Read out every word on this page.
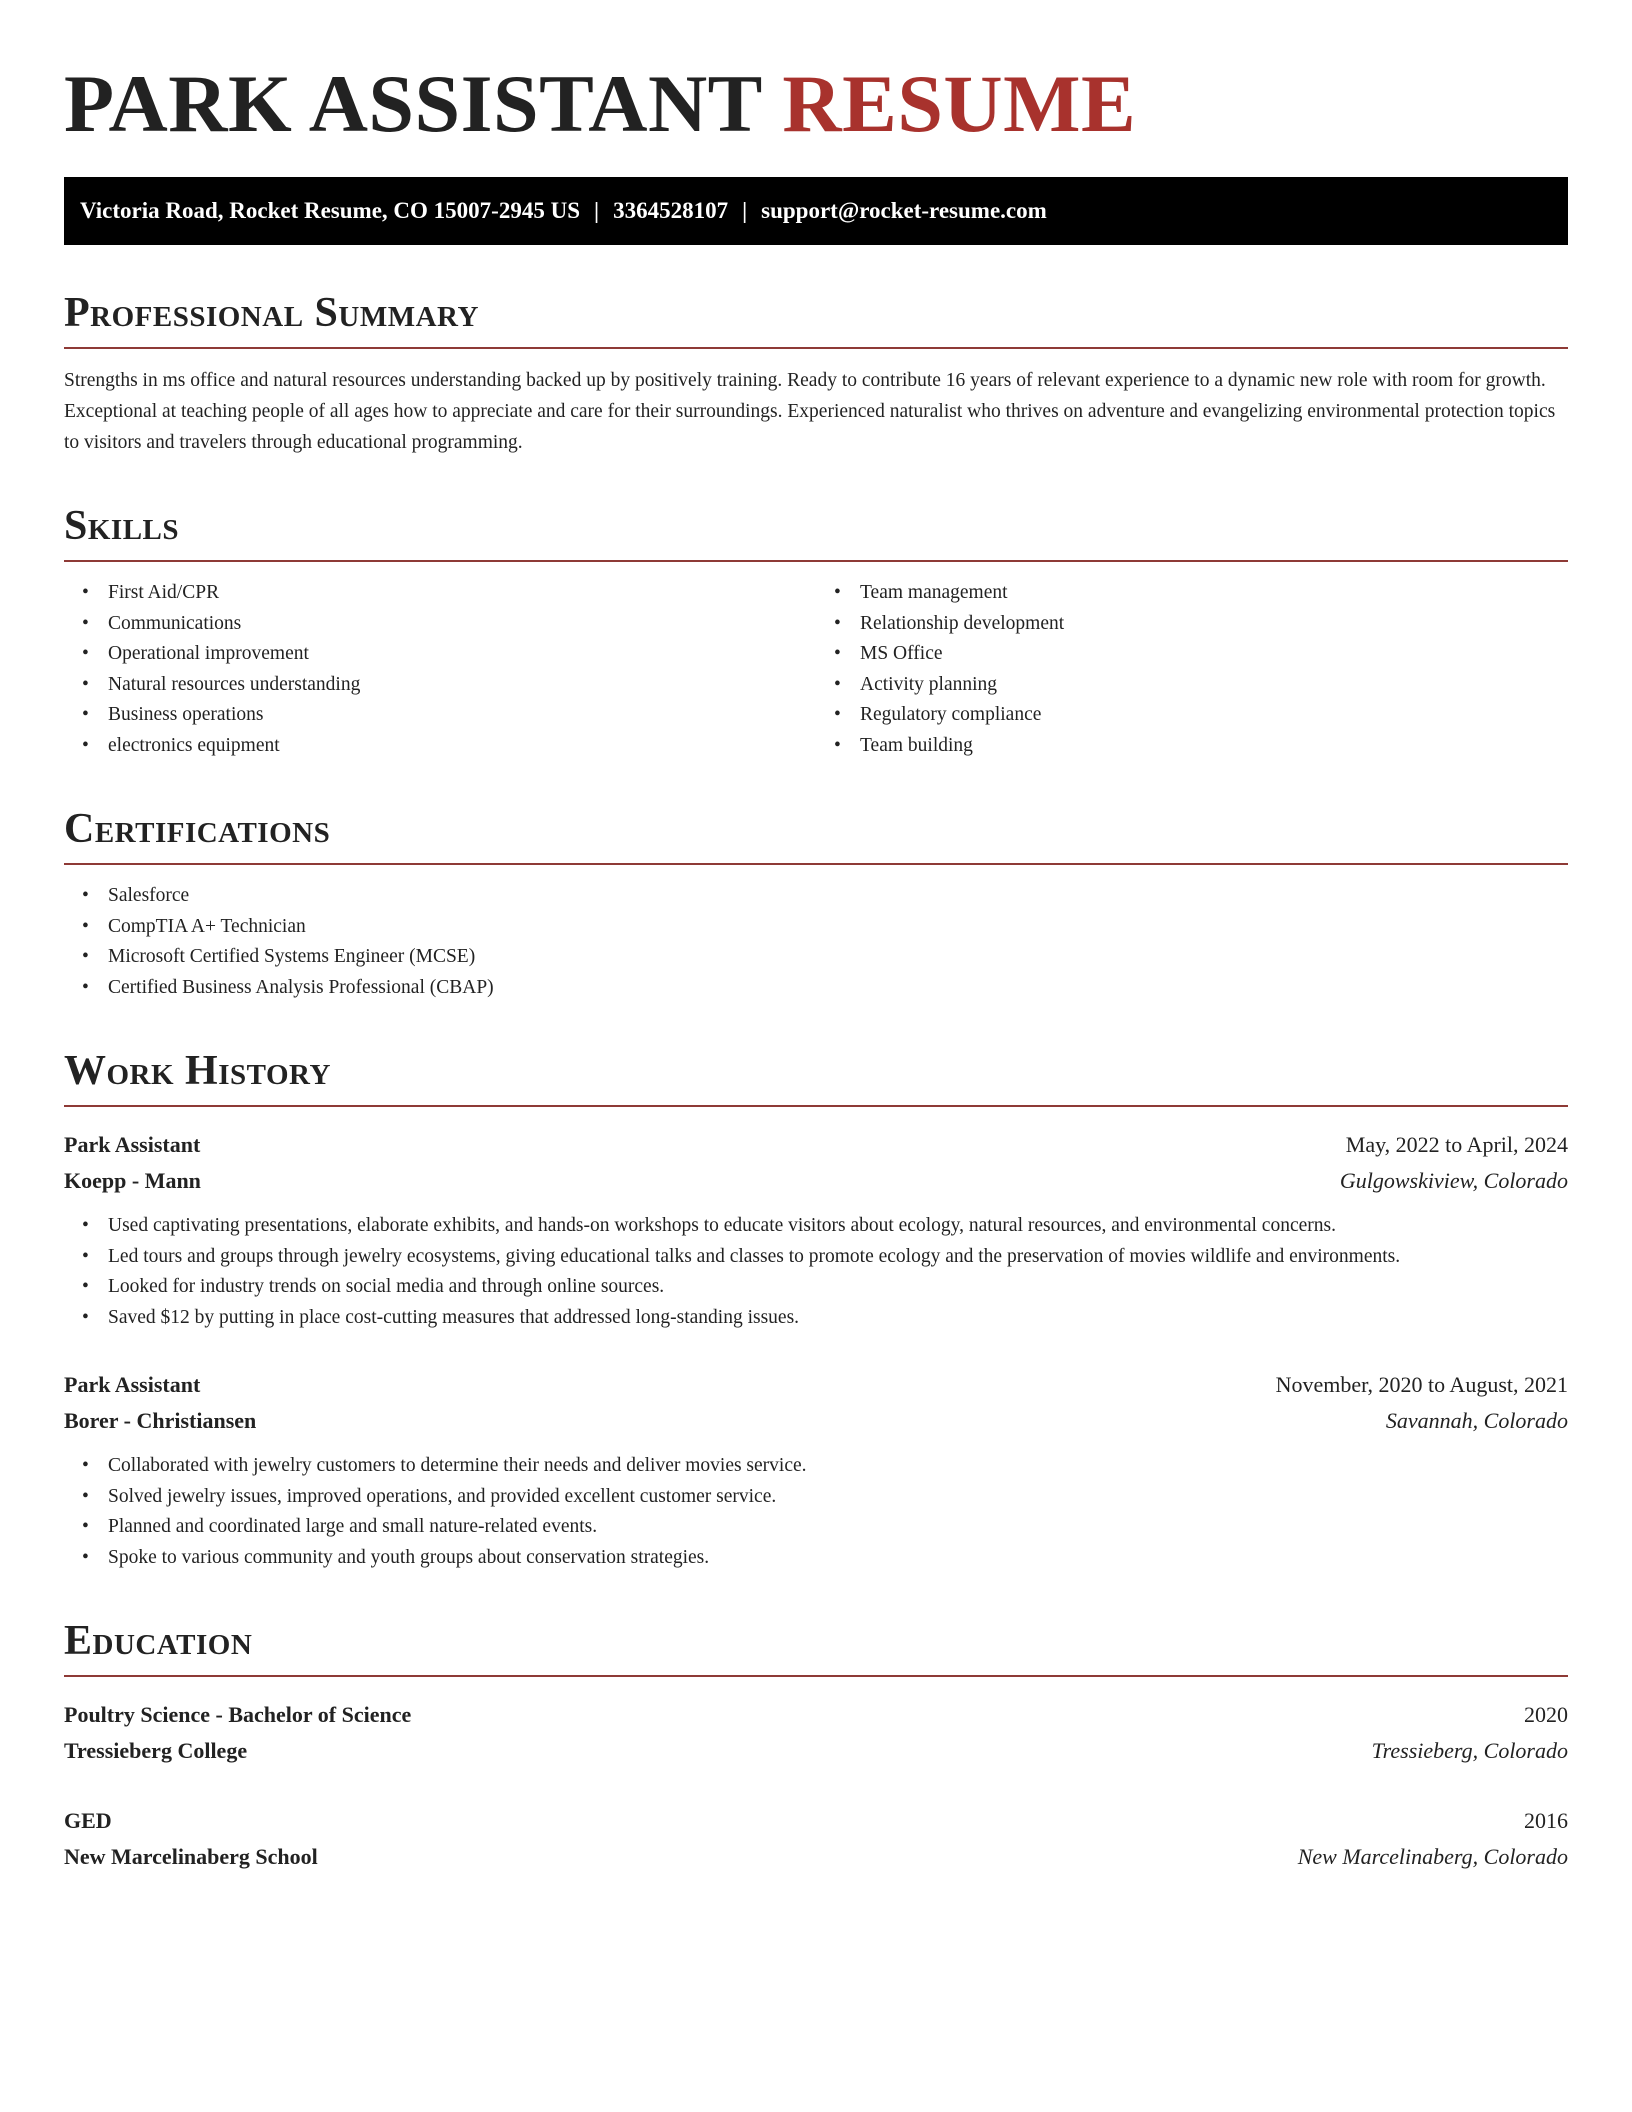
PARK ASSISTANT RESUME
Victoria Road, Rocket Resume, CO 15007-2945 US | 3364528107 | support@rocket-resume.com
Professional Summary

Strengths in ms office and natural resources understanding backed up by positively training. Ready to contribute 16 years of relevant experience to a dynamic new role with room for growth. Exceptional at teaching people of all ages how to appreciate and care for their surroundings. Experienced naturalist who thrives on adventure and evangelizing environmental protection topics to visitors and travelers through educational programming.

Skills
• First Aid/CPR
• Communications
• Operational improvement
• Natural resources understanding
• Business operations
• electronics equipment
• Team management
• Relationship development
• MS Office
• Activity planning
• Regulatory compliance
• Team building
Certifications
• Salesforce
• CompTIA A+ Technician
• Microsoft Certified Systems Engineer (MCSE)
• Certified Business Analysis Professional (CBAP)
Work History
Park Assistant	May, 2022 to April, 2024
Koepp - Mann	Gulgowskiview, Colorado
• Used captivating presentations, elaborate exhibits, and hands-on workshops to educate visitors about ecology, natural resources, and environmental concerns.
• Led tours and groups through jewelry ecosystems, giving educational talks and classes to promote ecology and the preservation of movies wildlife and environments.
• Looked for industry trends on social media and through online sources.
• Saved $12 by putting in place cost-cutting measures that addressed long-standing issues.
Park Assistant	November, 2020 to August, 2021
Borer - Christiansen	Savannah, Colorado
• Collaborated with jewelry customers to determine their needs and deliver movies service.
• Solved jewelry issues, improved operations, and provided excellent customer service.
• Planned and coordinated large and small nature-related events.
• Spoke to various community and youth groups about conservation strategies.
Education
Poultry Science - Bachelor of Science	2020
Tressieberg College	Tressieberg, Colorado
GED	2016
New Marcelinaberg School	New Marcelinaberg, Colorado
